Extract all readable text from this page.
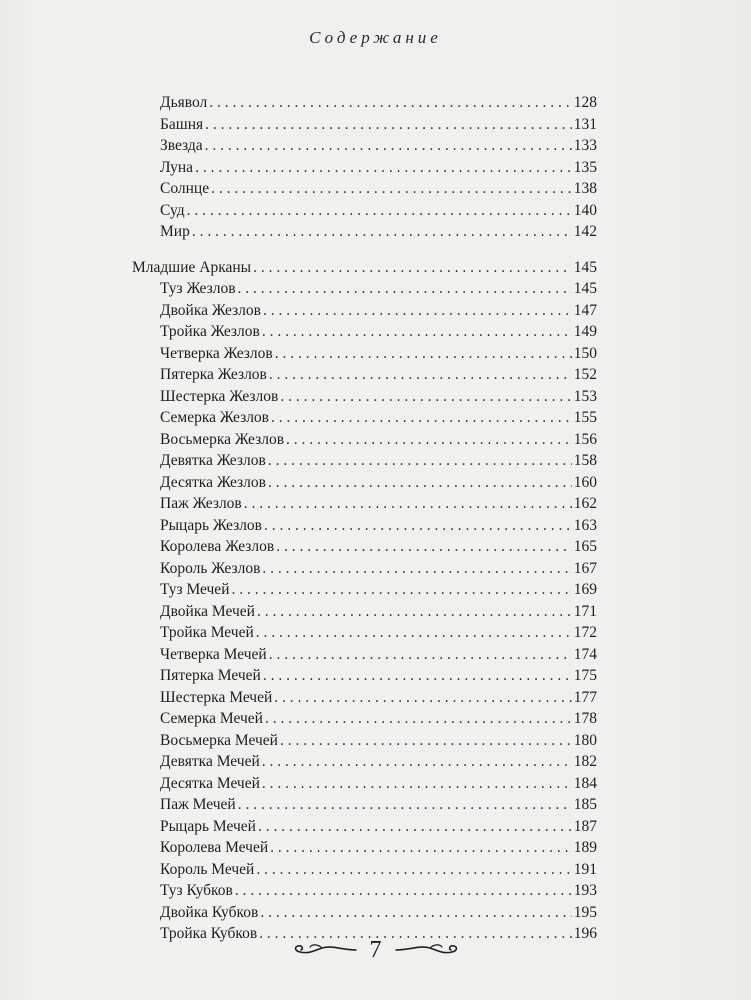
Содержание
Дьявол . . .	128
Башня . . .	131
Звезда . . .	133
Луна . . .	135
Солнце . . .	138
Суд . . .	140
Мир . . .	142
Младшие Арканы . . .	145
Туз Жезлов . . .	145
Двойка Жезлов . . .	147
Тройка Жезлов . . .	149
Четверка Жезлов . . .	150
Пятерка Жезлов . . .	152
Шестерка Жезлов . . .	153
Семерка Жезлов . . .	155
Восьмерка Жезлов . . .	156
Девятка Жезлов . . .	158
Десятка Жезлов . . .	160
Паж Жезлов . . .	162
Рыцарь Жезлов . . .	163
Королева Жезлов . . .	165
Король Жезлов . . .	167
Туз Мечей . . .	169
Двойка Мечей . . .	171
Тройка Мечей . . .	172
Четверка Мечей . . .	174
Пятерка Мечей . . .	175
Шестерка Мечей . . .	177
Семерка Мечей . . .	178
Восьмерка Мечей . . .	180
Девятка Мечей . . .	182
Десятка Мечей . . .	184
Паж Мечей . . .	185
Рыцарь Мечей . . .	187
Королева Мечей . . .	189
Король Мечей . . .	191
Туз Кубков . . .	193
Двойка Кубков . . .	195
Тройка Кубков . . .	196
7
